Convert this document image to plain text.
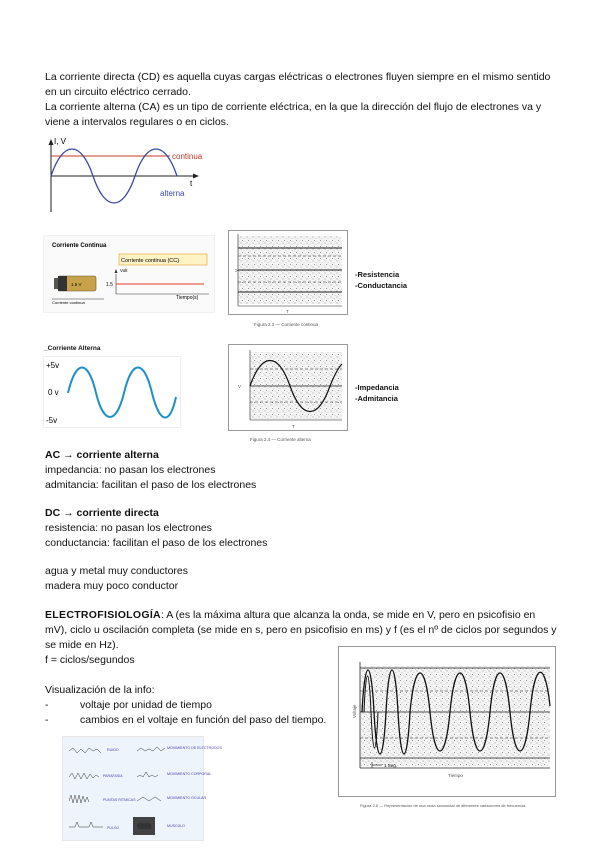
La corriente directa (CD) es aquella cuyas cargas eléctricas o electrones fluyen siempre en el mismo sentido en un circuito eléctrico cerrado.

La corriente alterna (CA) es un tipo de corriente eléctrica, en la que la dirección del flujo de electrones va y viene a intervalos regulares o en ciclos.

I, V
continua
t
alterna
Corriente Continua
Corriente continua (CC)
Volt
1.5
Tiempo(s)
1.5 V
Corriente continua
V
T
Figura 2.3 — Corriente continua
-Resistencia
-Conductancia
_Corriente Alterna
+5v
0 v
-5v
V
T
Figura 2.4 — Corriente alterna
-Impedancia
-Admitancia

AC → corriente alterna

impedancia: no pasan los electrones

admitancia: facilitan el paso de los electrones

DC → corriente directa

resistencia: no pasan los electrones

conductancia: facilitan el paso de los electrones

agua y metal muy conductores

madera muy poco conductor

ELECTROFISIOLOGÍA: A (es la máxima altura que alcanza la onda, se mide en V, pero en psicofisio en mV), ciclo u oscilación completa (se mide en s, pero en psicofisio en ms) y f (es el nº de ciclos por segundos y se mide en Hz).

f = ciclos/segundos

Visualización de la info:

-	voltaje por unidad de tiempo

-	cambios en el voltaje en función del paso del tiempo.

1 Seg.
Voltaje
Tiempo
Figura 2.5 — Representación de una onda sinusoidal de diferentes variaciones de frecuencia.
RUIDO
PARAFASIA
PUNTAS RITMICAS
PULSO
MOVIMIENTO DE ELECTRODOS
MOVIMIENTO CORPORAL
MOVIMIENTO OCULAR
MUSCULO
